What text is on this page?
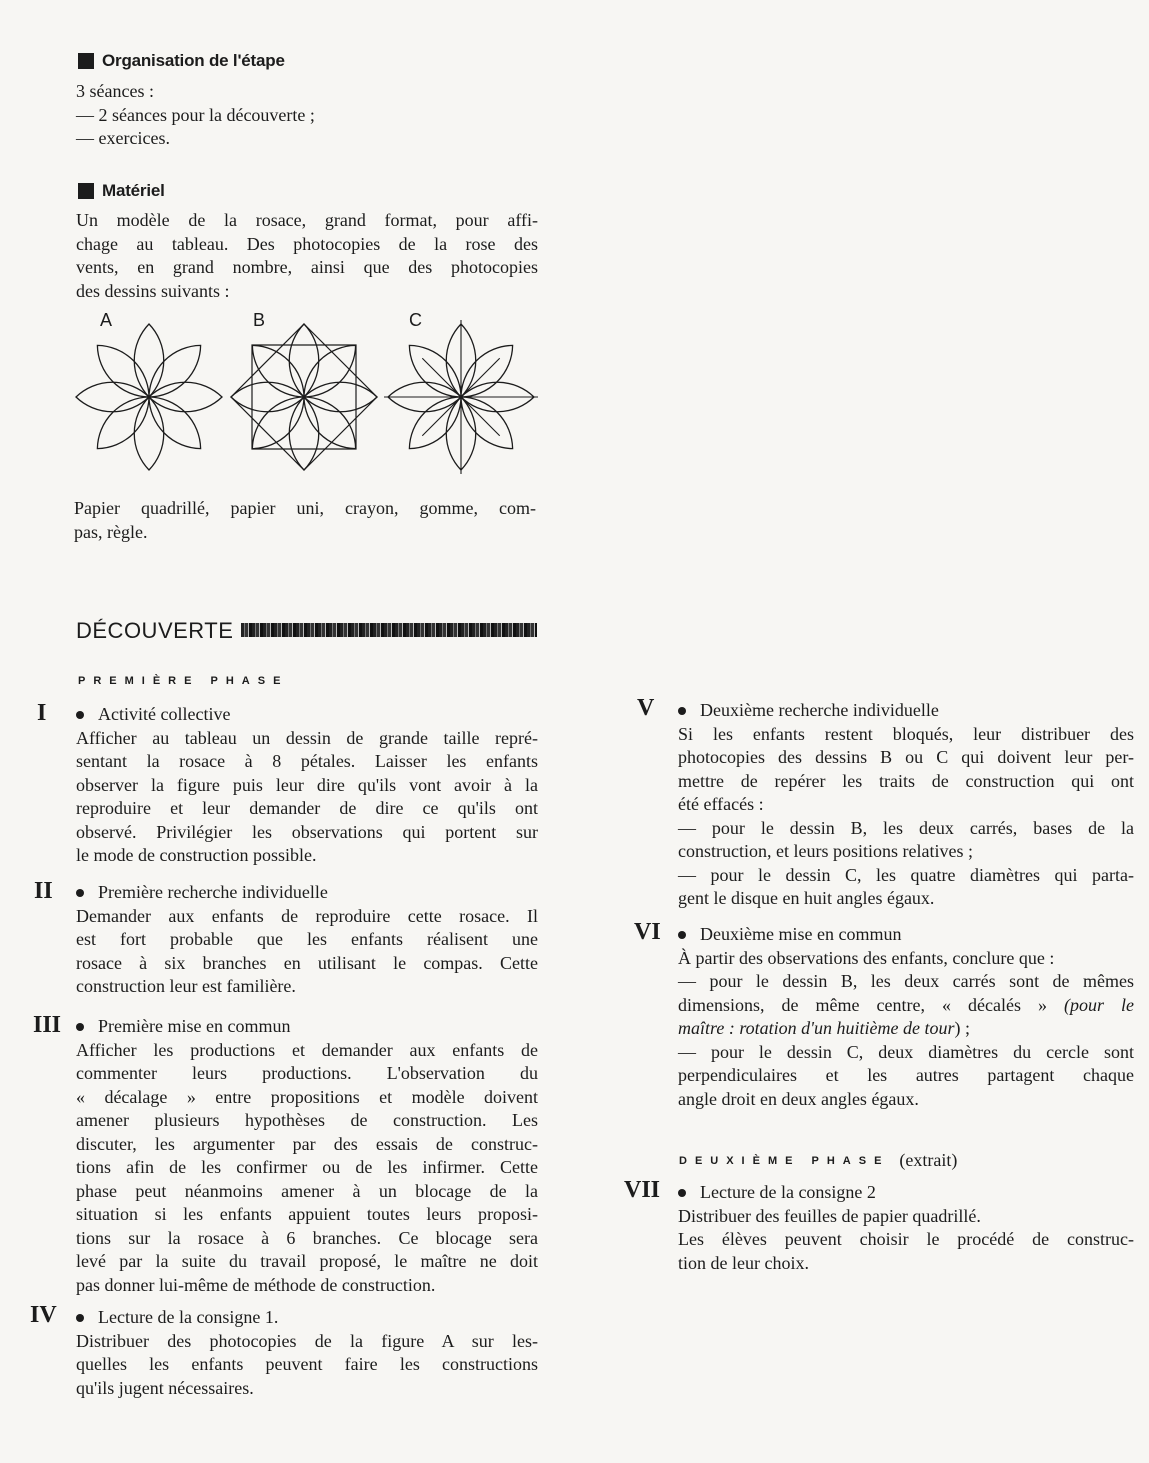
Organisation de l'étape
3 séances :
— 2 séances pour la découverte ;
— exercices.
Matériel
Un modèle de la rosace, grand format, pour affi-
chage au tableau. Des photocopies de la rose des
vents, en grand nombre, ainsi que des photocopies
des dessins suivants :
A	B	C
Papier quadrillé, papier uni, crayon, gomme, com-
pas, règle.
DÉCOUVERTE
PREMIÈRE PHASE
I	Activité collective
Afficher au tableau un dessin de grande taille repré-
sentant la rosace à 8 pétales. Laisser les enfants
observer la figure puis leur dire qu'ils vont avoir à la
reproduire et leur demander de dire ce qu'ils ont
observé. Privilégier les observations qui portent sur
le mode de construction possible.
II	Première recherche individuelle
Demander aux enfants de reproduire cette rosace. Il
est fort probable que les enfants réalisent une
rosace à six branches en utilisant le compas. Cette
construction leur est familière.
III Première mise en commun
Afficher les productions et demander aux enfants de
commenter leurs productions. L'observation du
« décalage » entre propositions et modèle doivent
amener plusieurs hypothèses de construction. Les
discuter, les argumenter par des essais de construc-
tions afin de les confirmer ou de les infirmer. Cette
phase peut néanmoins amener à un blocage de la
situation si les enfants appuient toutes leurs proposi-
tions sur la rosace à 6 branches. Ce blocage sera
levé par la suite du travail proposé, le maître ne doit
pas donner lui-même de méthode de construction.
IV Lecture de la consigne 1.
Distribuer des photocopies de la figure A sur les-
quelles les enfants peuvent faire les constructions
qu'ils jugent nécessaires.
V	Deuxième recherche individuelle
Si les enfants restent bloqués, leur distribuer des
photocopies des dessins B ou C qui doivent leur per-
mettre de repérer les traits de construction qui ont
été effacés :
— pour le dessin B, les deux carrés, bases de la
construction, et leurs positions relatives ;
— pour le dessin C, les quatre diamètres qui parta-
gent le disque en huit angles égaux.
VI Deuxième mise en commun
À partir des observations des enfants, conclure que :
— pour le dessin B, les deux carrés sont de mêmes
dimensions, de même centre, « décalés » (pour le
maître : rotation d'un huitième de tour) ;
— pour le dessin C, deux diamètres du cercle sont
perpendiculaires et les autres partagent chaque
angle droit en deux angles égaux.
DEUXIÈME PHASE (extrait)
VII Lecture de la consigne 2
Distribuer des feuilles de papier quadrillé.
Les élèves peuvent choisir le procédé de construc-
tion de leur choix.
